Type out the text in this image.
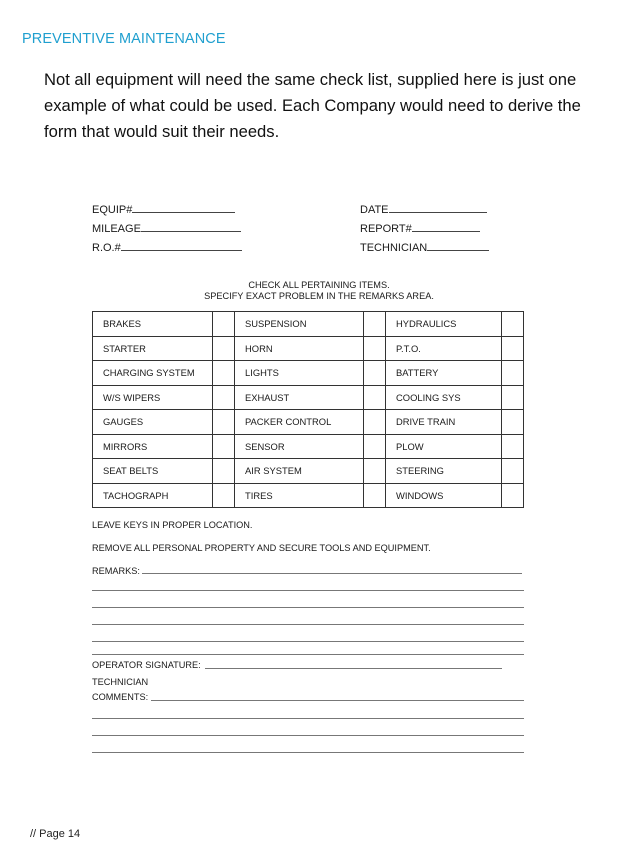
PREVENTIVE MAINTENANCE
Not all equipment will need the same check list, supplied here is just one example of what could be used. Each Company would need to derive the form that would suit their needs.
EQUIP#	DATE
MILEAGE	REPORT#
R.O.#	TECHNICIAN
CHECK ALL PERTAINING ITEMS.
SPECIFY EXACT PROBLEM IN THE REMARKS AREA.
BRAKES		SUSPENSION		HYDRAULICS	
STARTER		HORN		P.T.O.	
CHARGING SYSTEM		LIGHTS		BATTERY	
W/S WIPERS		EXHAUST		COOLING SYS	
GAUGES		PACKER CONTROL		DRIVE TRAIN	
MIRRORS		SENSOR		PLOW	
SEAT BELTS		AIR SYSTEM		STEERING	
TACHOGRAPH		TIRES		WINDOWS	
LEAVE KEYS IN PROPER LOCATION.
REMOVE ALL PERSONAL PROPERTY AND SECURE TOOLS AND EQUIPMENT.
REMARKS:
OPERATOR SIGNATURE:
TECHNICIAN
COMMENTS:
// Page 14
